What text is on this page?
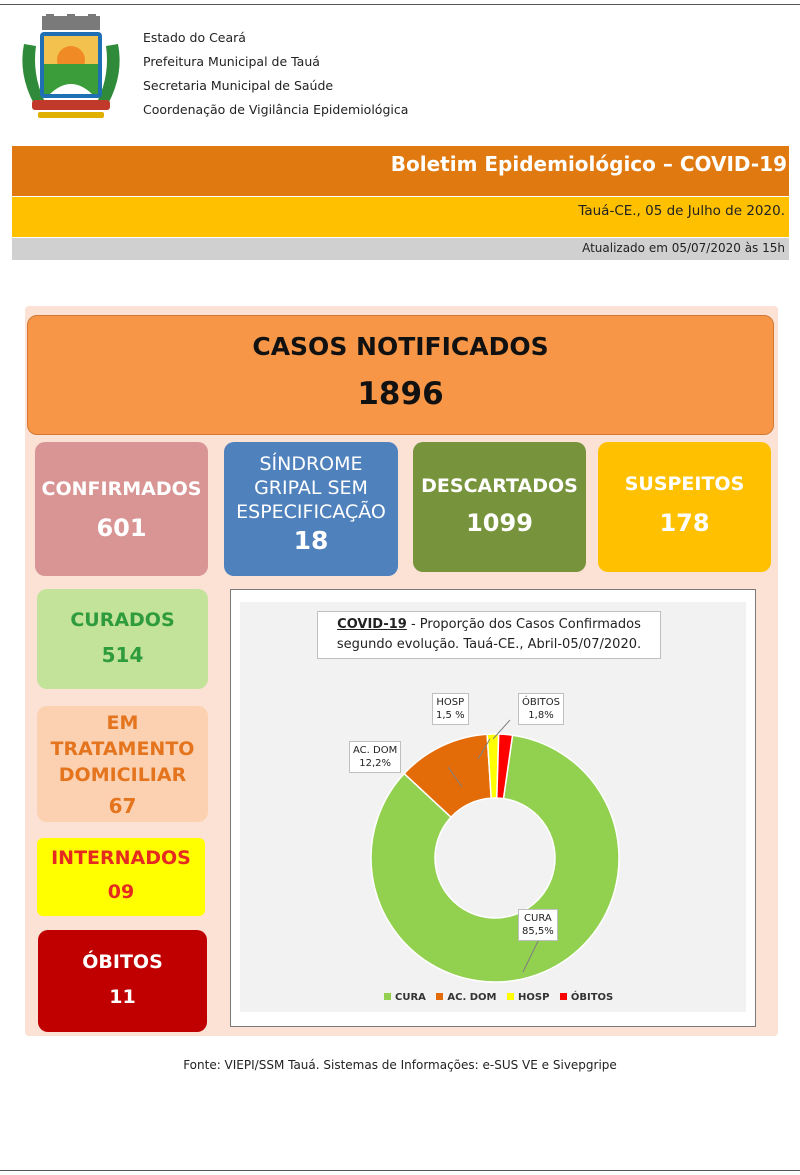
Estado do Ceará
Prefeitura Municipal de Tauá
Secretaria Municipal de Saúde
Coordenação de Vigilância Epidemiológica
Boletim Epidemiológico – COVID-19
Tauá-CE., 05 de Julho de 2020.
Atualizado em 05/07/2020 às 15h
CASOS NOTIFICADOS
1896
CONFIRMADOS
601
SÍNDROME
GRIPAL SEM
ESPECIFICAÇÃO
18
DESCARTADOS
1099
SUSPEITOS
178
CURADOS
514
EM
TRATAMENTO
DOMICILIAR
67
INTERNADOS
09
ÓBITOS
11
COVID-19 - Proporção dos Casos Confirmados
segundo evolução. Tauá-CE., Abril-05/07/2020.
CURA
85,5%
AC. DOM
12,2%
HOSP
1,5 %
ÓBITOS
1,8%
CURA AC. DOM HOSP ÓBITOS
Fonte: VIEPI/SSM Tauá. Sistemas de Informações: e-SUS VE e Sivepgripe
